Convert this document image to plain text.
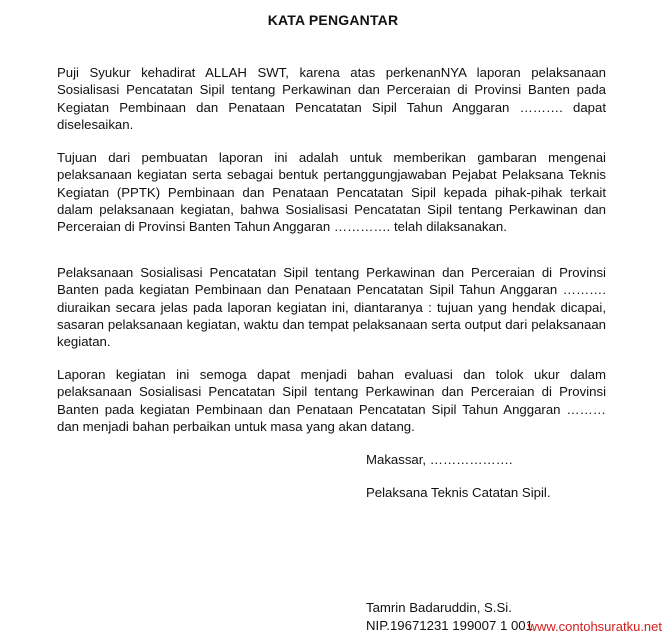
KATA PENGANTAR

Puji Syukur kehadirat ALLAH SWT, karena atas perkenanNYA laporan pelaksanaan Sosialisasi Pencatatan Sipil tentang Perkawinan dan Perceraian di Provinsi Banten pada Kegiatan Pembinaan dan Penataan Pencatatan Sipil Tahun Anggaran ………. dapat diselesaikan.

Tujuan dari pembuatan laporan ini adalah untuk memberikan gambaran mengenai pelaksanaan kegiatan serta sebagai bentuk pertanggungjawaban Pejabat Pelaksana Teknis Kegiatan (PPTK) Pembinaan dan Penataan Pencatatan Sipil kepada pihak-pihak terkait dalam pelaksanaan kegiatan, bahwa Sosialisasi Pencatatan Sipil tentang Perkawinan dan Perceraian di Provinsi Banten Tahun Anggaran …………. telah dilaksanakan.

Pelaksanaan Sosialisasi Pencatatan Sipil tentang Perkawinan dan Perceraian di Provinsi Banten pada kegiatan Pembinaan dan Penataan Pencatatan Sipil Tahun Anggaran ………. diuraikan secara jelas pada laporan kegiatan ini, diantaranya : tujuan yang hendak dicapai, sasaran pelaksanaan kegiatan, waktu dan tempat pelaksanaan serta output dari pelaksanaan kegiatan.

Laporan kegiatan ini semoga dapat menjadi bahan evaluasi dan tolok ukur dalam pelaksanaan Sosialisasi Pencatatan Sipil tentang Perkawinan dan Perceraian di Provinsi Banten pada kegiatan Pembinaan dan Penataan Pencatatan Sipil Tahun Anggaran ……… dan menjadi bahan perbaikan untuk masa yang akan datang.

Makassar, ……………….
Pelaksana Teknis Catatan Sipil.
Tamrin Badaruddin, S.Si.
NIP.19671231 199007 1 001
www.contohsuratku.net
